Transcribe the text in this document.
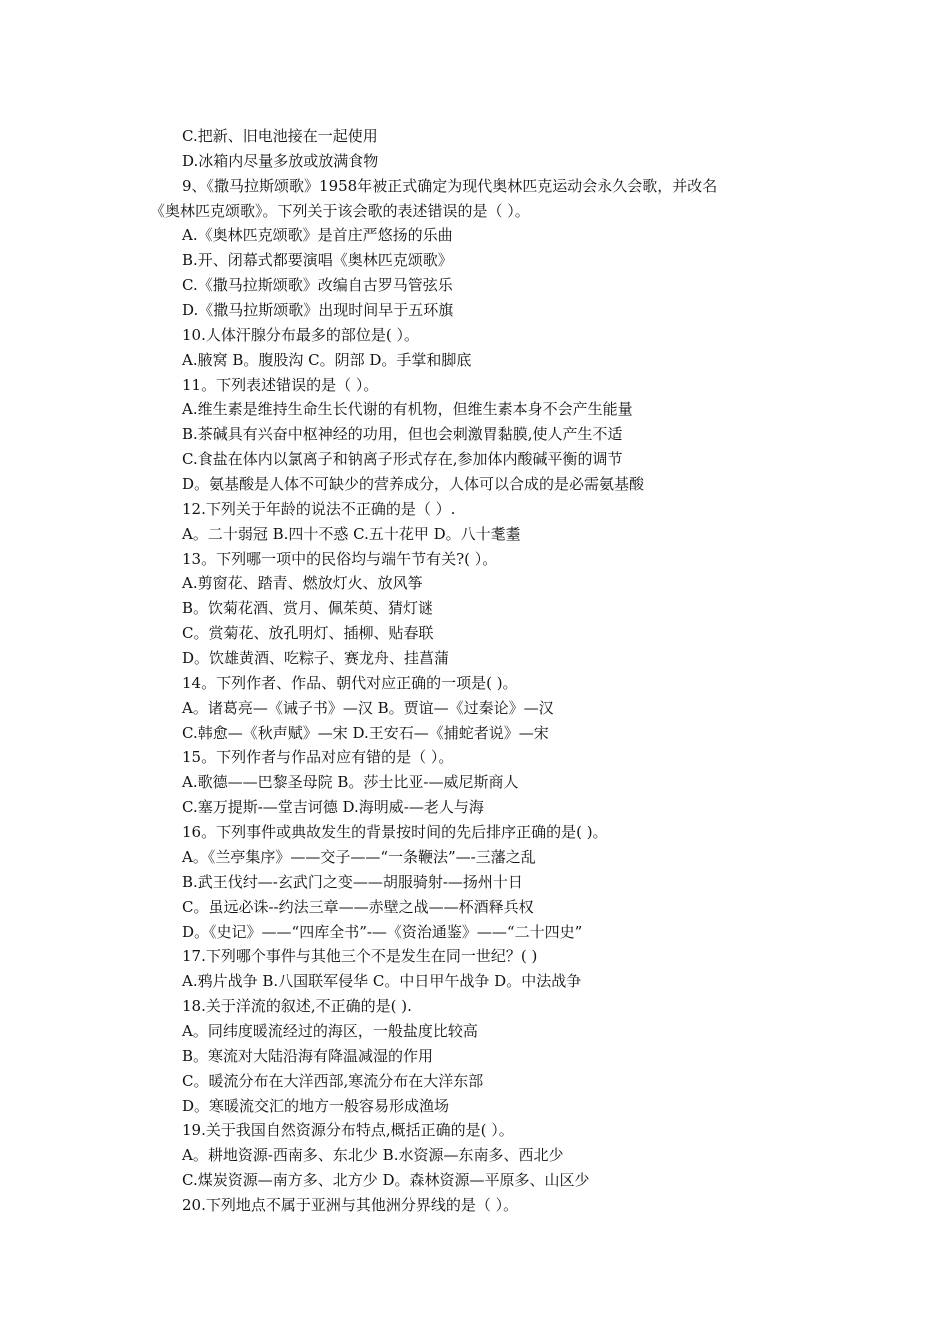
C.把新、旧电池接在一起使用
D.冰箱内尽量多放或放满食物
9、《撒马拉斯颂歌》1958年被正式确定为现代奥林匹克运动会永久会歌，并改名
《奥林匹克颂歌》。下列关于该会歌的表述错误的是（ ）。
A.《奥林匹克颂歌》是首庄严悠扬的乐曲
B.开、闭幕式都要演唱《奥林匹克颂歌》
C.《撒马拉斯颂歌》改编自古罗马管弦乐
D.《撒马拉斯颂歌》出现时间早于五环旗
10.人体汗腺分布最多的部位是( ）。
A.腋窝 B。腹股沟 C。阴部 D。手掌和脚底
11。下列表述错误的是（ ）。
A.维生素是维持生命生长代谢的有机物，但维生素本身不会产生能量
B.茶碱具有兴奋中枢神经的功用，但也会刺激胃黏膜,使人产生不适
C.食盐在体内以氯离子和钠离子形式存在,参加体内酸碱平衡的调节
D。氨基酸是人体不可缺少的营养成分，人体可以合成的是必需氨基酸
12.下列关于年龄的说法不正确的是（ ）.
A。二十弱冠 B.四十不惑 C.五十花甲 D。八十耄耋
13。下列哪一项中的民俗均与端午节有关?( ）。
A.剪窗花、踏青、燃放灯火、放风筝
B。饮菊花酒、赏月、佩茱萸、猜灯谜
C。赏菊花、放孔明灯、插柳、贴春联
D。饮雄黄酒、吃粽子、赛龙舟、挂菖蒲
14。下列作者、作品、朝代对应正确的一项是( )。
A。诸葛亮—《诫子书》—汉 B。贾谊—《过秦论》—汉
C.韩愈—《秋声赋》—宋 D.王安石—《捕蛇者说》—宋
15。下列作者与作品对应有错的是（ ）。
A.歌德——巴黎圣母院 B。莎士比亚-—威尼斯商人
C.塞万提斯-—堂吉诃德 D.海明威-—老人与海
16。下列事件或典故发生的背景按时间的先后排序正确的是( )。
A。《兰亭集序》——交子——“一条鞭法”—-三藩之乱
B.武王伐纣—-玄武门之变——胡服骑射-—扬州十日
C。虽远必诛--约法三章——赤壁之战——杯酒释兵权
D。《史记》——“四库全书”-—《资治通鉴》——“二十四史”
17.下列哪个事件与其他三个不是发生在同一世纪？( )
A.鸦片战争 B.八国联军侵华 C。中日甲午战争 D。中法战争
18.关于洋流的叙述,不正确的是( ).
A。同纬度暖流经过的海区，一般盐度比较高
B。寒流对大陆沿海有降温减湿的作用
C。暖流分布在大洋西部,寒流分布在大洋东部
D。寒暖流交汇的地方一般容易形成渔场
19.关于我国自然资源分布特点,概括正确的是( ）。
A。耕地资源-西南多、东北少 B.水资源—东南多、西北少
C.煤炭资源—南方多、北方少 D。森林资源—平原多、山区少
20.下列地点不属于亚洲与其他洲分界线的是（ ）。
